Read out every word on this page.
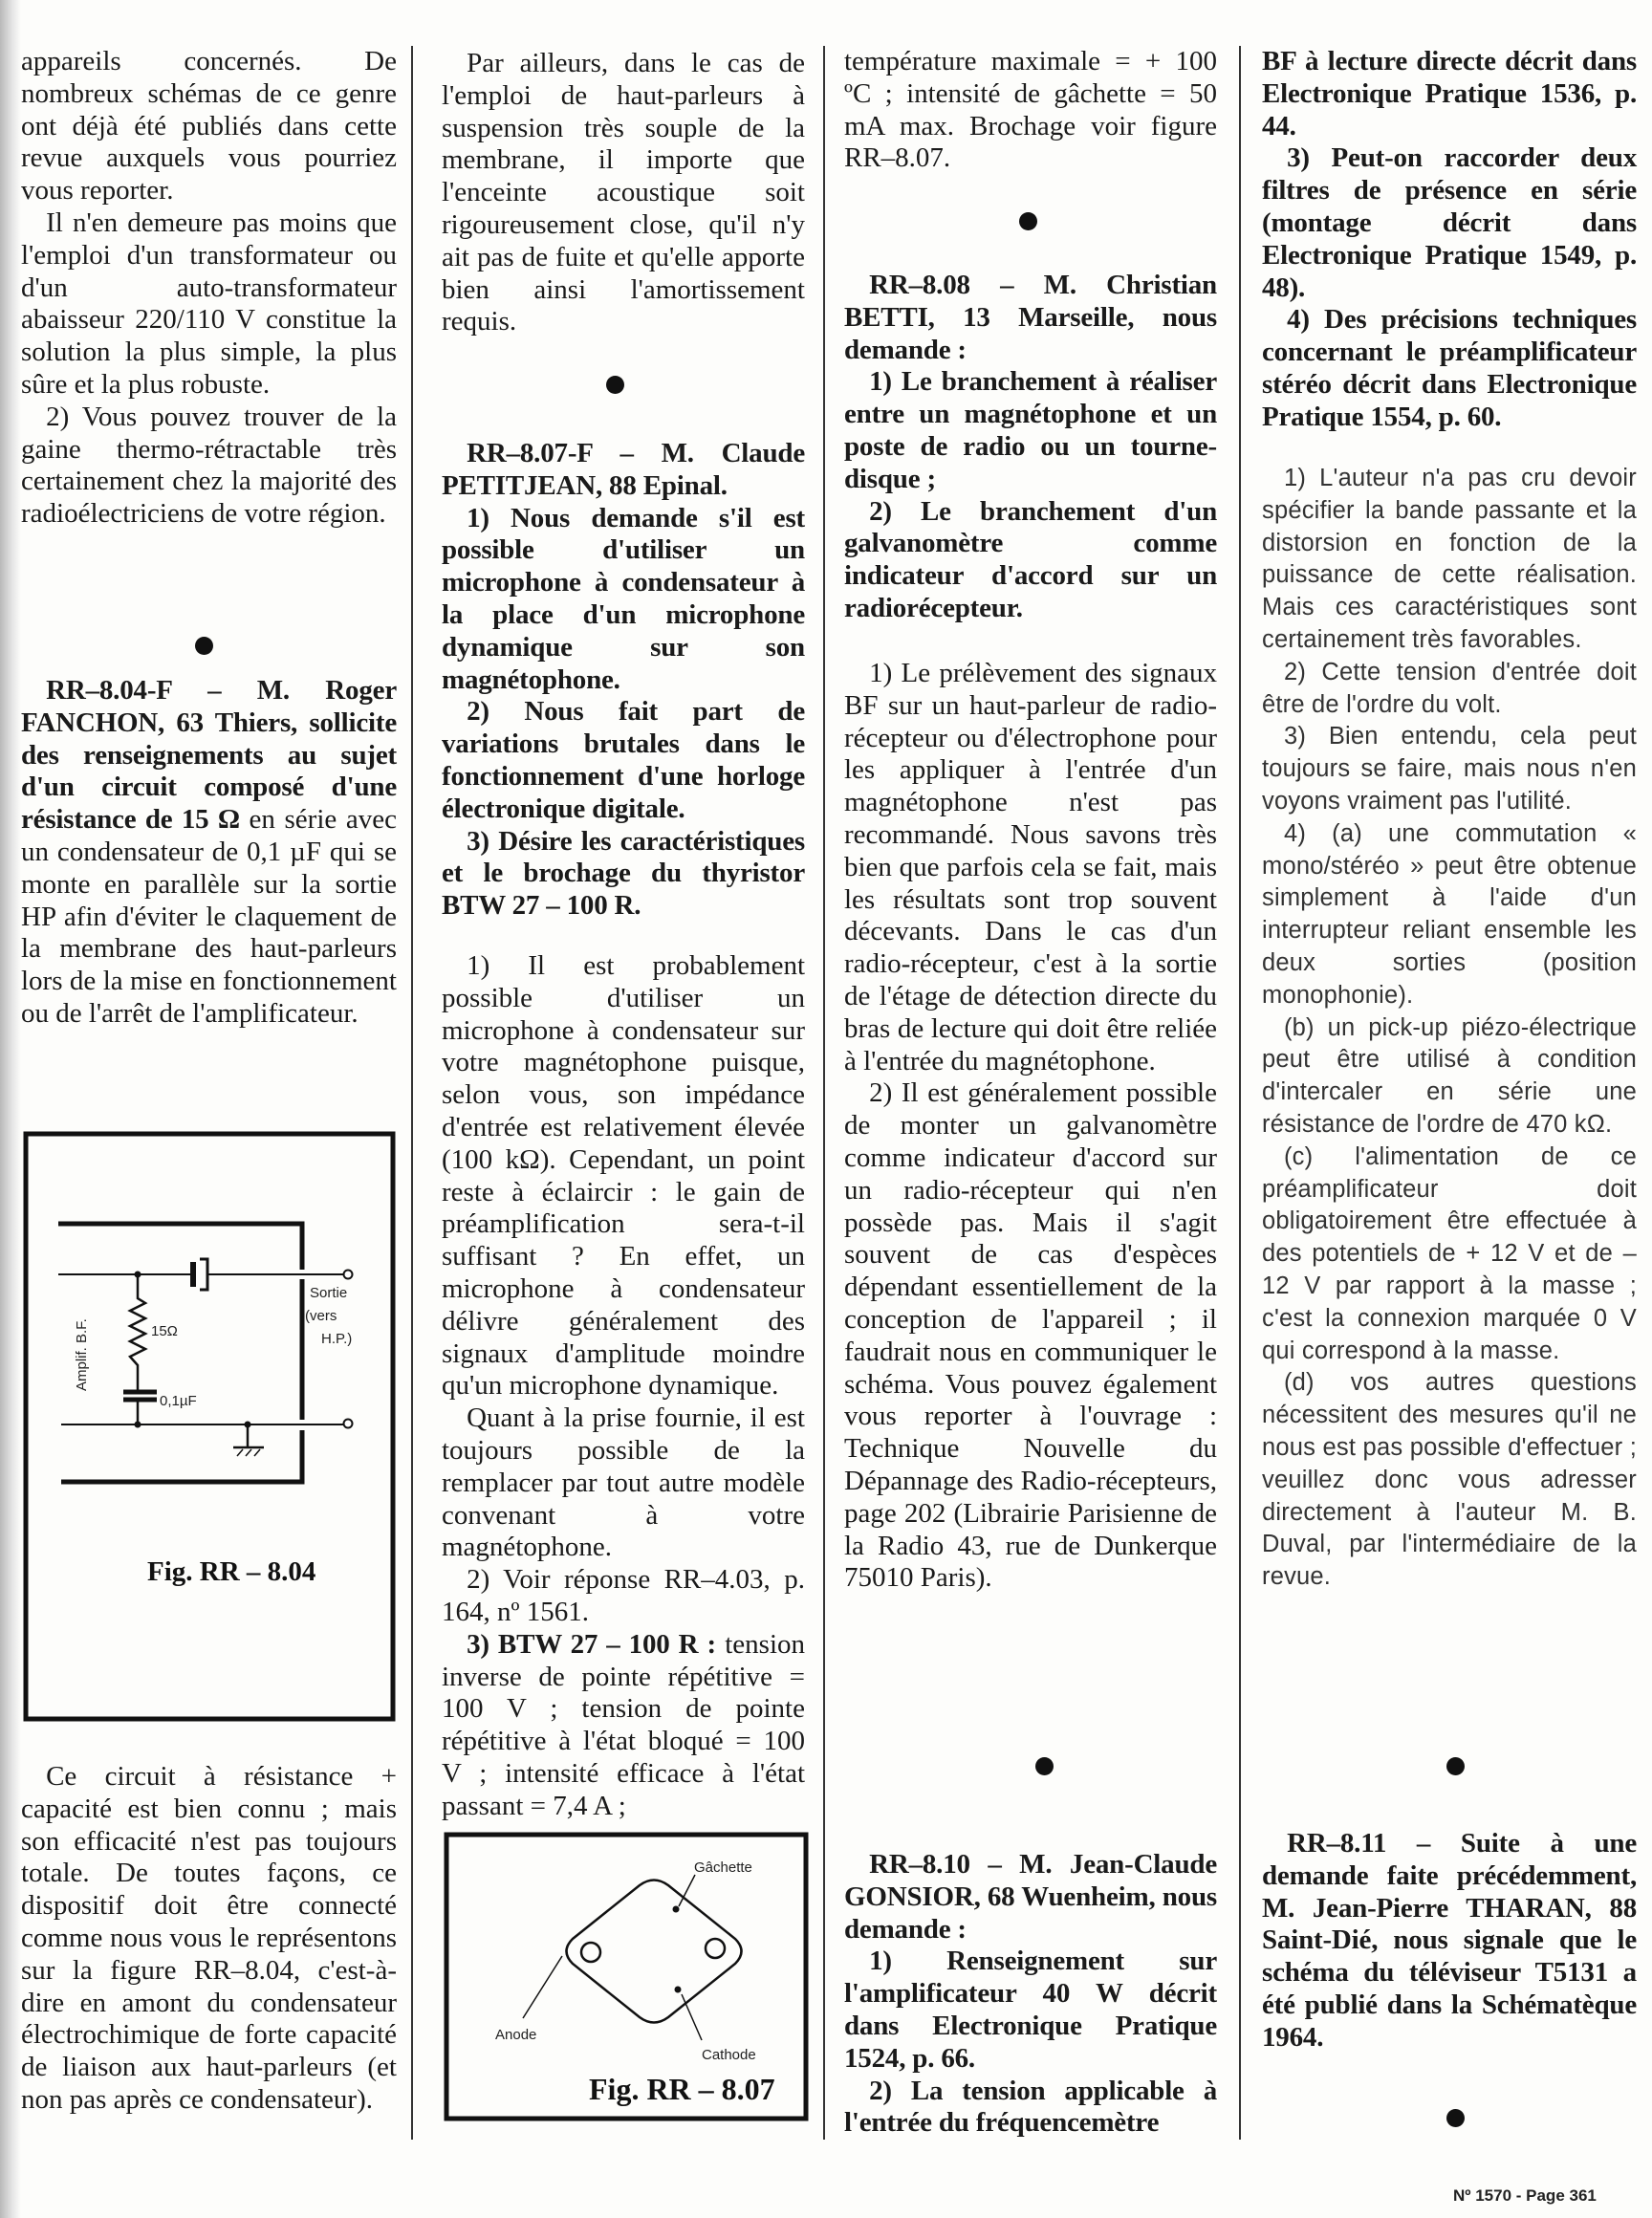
appareils concernés. De nombreux schémas de ce genre ont déjà été publiés dans cette revue auxquels vous pourriez vous reporter.

Il n'en demeure pas moins que l'emploi d'un transformateur ou d'un auto-transformateur abaisseur 220/110 V constitue la solution la plus simple, la plus sûre et la plus robuste.

2) Vous pouvez trouver de la gaine thermo-rétractable très certainement chez la majorité des radioélectriciens de votre région.

RR–8.04-F – M. Roger FANCHON, 63 Thiers, sollicite des renseignements au sujet d'un circuit composé d'une résistance de 15 Ω en série avec un condensateur de 0,1 µF qui se monte en parallèle sur la sortie HP afin d'éviter le claquement de la membrane des haut-parleurs lors de la mise en fonctionnement ou de l'arrêt de l'amplificateur.

Amplif. B.F.	15Ω
0,1µF
Sortie
(vers
H.P.)
Fig. RR – 8.04

Ce circuit à résistance + capacité est bien connu ; mais son efficacité n'est pas toujours totale. De toutes façons, ce dispositif doit être connecté comme nous vous le représentons sur la figure RR–8.04, c'est-à-dire en amont du condensateur électrochimique de forte capacité de liaison aux haut-parleurs (et non pas après ce condensateur).

Par ailleurs, dans le cas de l'emploi de haut-parleurs à suspension très souple de la membrane, il importe que l'enceinte acoustique soit rigoureusement close, qu'il n'y ait pas de fuite et qu'elle apporte bien ainsi l'amortissement requis.

RR–8.07-F – M. Claude PETITJEAN, 88 Epinal.

1) Nous demande s'il est possible d'utiliser un microphone à condensateur à la place d'un microphone dynamique sur son magnétophone.

2) Nous fait part de variations brutales dans le fonctionnement d'une horloge électronique digitale.

3) Désire les caractéristiques et le brochage du thyristor BTW 27 – 100 R.

1) Il est probablement possible d'utiliser un microphone à condensateur sur votre magnétophone puisque, selon vous, son impédance d'entrée est relativement élevée (100 kΩ). Cependant, un point reste à éclaircir : le gain de préamplification sera-t-il suffisant ? En effet, un microphone à condensateur délivre généralement des signaux d'amplitude moindre qu'un microphone dynamique.

Quant à la prise fournie, il est toujours possible de la remplacer par tout autre modèle convenant à votre magnétophone.

2) Voir réponse RR–4.03, p. 164, nº 1561.

3) BTW 27 – 100 R : tension inverse de pointe répétitive = 100 V ; tension de pointe répétitive à l'état bloqué = 100 V ; intensité efficace à l'état passant = 7,4 A ;

Gâchette
Anode
Cathode
Fig. RR – 8.07

température maximale = + 100 ºC ; intensité de gâchette = 50 mA max. Brochage voir figure RR–8.07.

RR–8.08 – M. Christian BETTI, 13 Marseille, nous demande :

1) Le branchement à réaliser entre un magnétophone et un poste de radio ou un tourne-disque ;

2) Le branchement d'un galvanomètre comme indicateur d'accord sur un radiorécepteur.

1) Le prélèvement des signaux BF sur un haut-parleur de radio-récepteur ou d'électrophone pour les appliquer à l'entrée d'un magnétophone n'est pas recommandé. Nous savons très bien que parfois cela se fait, mais les résultats sont trop souvent décevants. Dans le cas d'un radio-récepteur, c'est à la sortie de l'étage de détection directe du bras de lecture qui doit être reliée à l'entrée du magnétophone.

2) Il est généralement possible de monter un galvanomètre comme indicateur d'accord sur un radio-récepteur qui n'en possède pas. Mais il s'agit souvent de cas d'espèces dépendant essentiellement de la conception de l'appareil ; il faudrait nous en communiquer le schéma. Vous pouvez également vous reporter à l'ouvrage : Technique Nouvelle du Dépannage des Radio-récepteurs, page 202 (Librairie Parisienne de la Radio 43, rue de Dunkerque 75010 Paris).

RR–8.10 – M. Jean-Claude GONSIOR, 68 Wuenheim, nous demande :

1) Renseignement sur l'amplificateur 40 W décrit dans Electronique Pratique 1524, p. 66.

2) La tension applicable à l'entrée du fréquencemètre

BF à lecture directe décrit dans Electronique Pratique 1536, p. 44.

3) Peut-on raccorder deux filtres de présence en série (montage décrit dans Electronique Pratique 1549, p. 48).

4) Des précisions techniques concernant le préamplificateur stéréo décrit dans Electronique Pratique 1554, p. 60.

1) L'auteur n'a pas cru devoir spécifier la bande passante et la distorsion en fonction de la puissance de cette réalisation. Mais ces caractéristiques sont certainement très favorables.

2) Cette tension d'entrée doit être de l'ordre du volt.

3) Bien entendu, cela peut toujours se faire, mais nous n'en voyons vraiment pas l'utilité.

4) (a) une commutation « mono/stéréo » peut être obtenue simplement à l'aide d'un interrupteur reliant ensemble les deux sorties (position monophonie).

(b) un pick-up piézo-électrique peut être utilisé à condition d'intercaler en série une résistance de l'ordre de 470 kΩ.

(c) l'alimentation de ce préamplificateur doit obligatoirement être effectuée à des potentiels de + 12 V et de – 12 V par rapport à la masse ; c'est la connexion marquée 0 V qui correspond à la masse.

(d) vos autres questions nécessitent des mesures qu'il ne nous est pas possible d'effectuer ; veuillez donc vous adresser directement à l'auteur M. B. Duval, par l'intermédiaire de la revue.

RR–8.11 – Suite à une demande faite précédemment, M. Jean-Pierre THARAN, 88 Saint-Dié, nous signale que le schéma du téléviseur T5131 a été publié dans la Schématèque 1964.

Nº 1570 - Page 361
